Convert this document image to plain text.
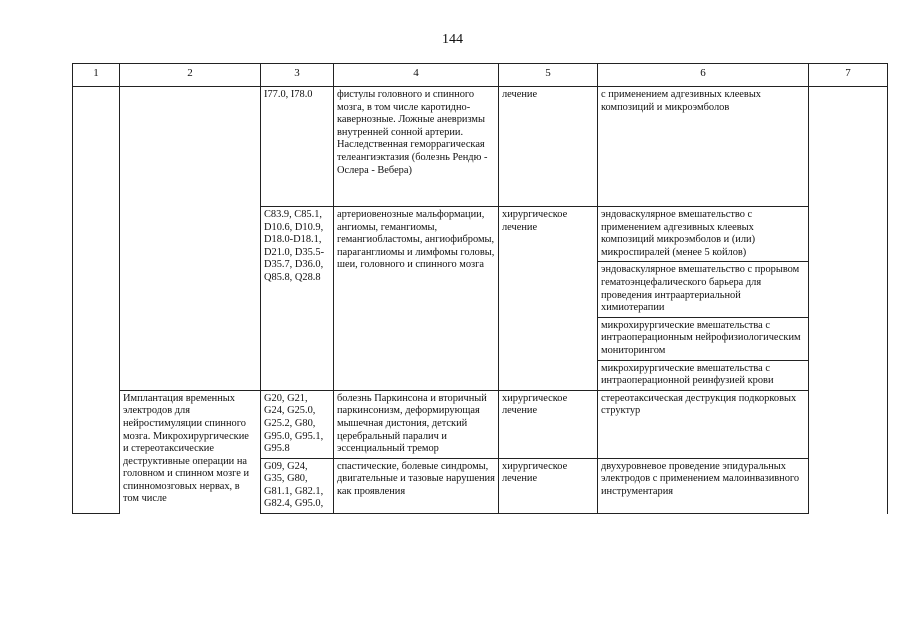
144
1	2	3	4	5	6	7
		I77.0, I78.0	фистулы головного и спинного мозга, в том числе каротидно-кавернозные. Ложные аневризмы внутренней сонной артерии. Наследственная геморрагическая телеангиэктазия (болезнь Рендю - Ослера - Вебера)	лечение	с применением адгезивных клеевых композиций и микроэмболов	
		C83.9, C85.1, D10.6, D10.9, D18.0-D18.1, D21.0, D35.5-D35.7, D36.0, Q85.8, Q28.8	артериовенозные мальформации, ангиомы, гемангиомы, гемангиобластомы, ангиофибромы, параганглиомы и лимфомы головы, шеи, головного и спинного мозга	хирургическое лечение	эндоваскулярное вмешательство с применением адгезивных клеевых композиций микроэмболов и (или) микроспиралей (менее 5 койлов)	
					эндоваскулярное вмешательство с прорывом гематоэнцефалического барьера для проведения интраартериальной химиотерапии	
					микрохирургические вмешательства с интраоперационным нейрофизиологическим мониторингом	
					микрохирургические вмешательства с интраоперационной реинфузией крови	
	Имплантация временных электродов для нейростимуляции спинного мозга. Микрохирургические и стереотаксические деструктивные операции на головном и спинном мозге и спинномозговых нервах, в том числе	G20, G21, G24, G25.0, G25.2, G80, G95.0, G95.1, G95.8	болезнь Паркинсона и вторичный паркинсонизм, деформирующая мышечная дистония, детский церебральный паралич и эссенциальный тремор	хирургическое лечение	стереотаксическая деструкция подкорковых структур	
		G09, G24, G35, G80, G81.1, G82.1, G82.4, G95.0,	спастические, болевые синдромы, двигательные и тазовые нарушения как проявления	хирургическое лечение	двухуровневое проведение эпидуральных электродов с применением малоинвазивного инструментария	
